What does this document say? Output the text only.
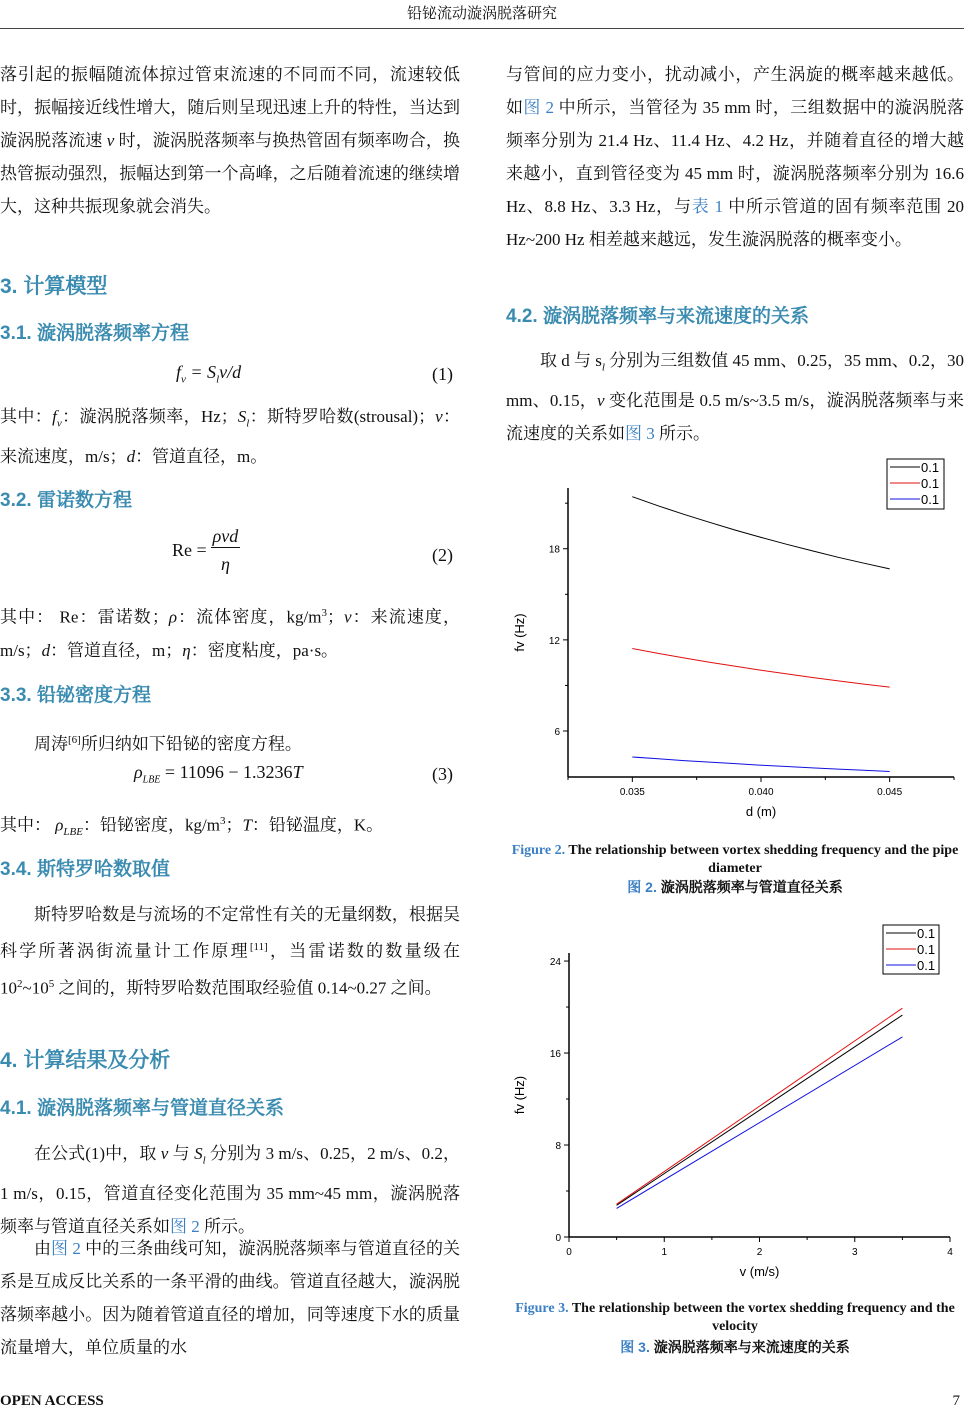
铅铋流动漩涡脱落研究

落引起的振幅随流体掠过管束流速的不同而不同，流速较低时，振幅接近线性增大，随后则呈现迅速上升的特性，当达到漩涡脱落流速 v 时，漩涡脱落频率与换热管固有频率吻合，换热管振动强烈，振幅达到第一个高峰，之后随着流速的继续增大，这种共振现象就会消失。

3. 计算模型
3.1. 漩涡脱落频率方程
$f_v = S_lv/d$	(1)

其中：$f_v$：漩涡脱落频率，Hz；$S_l$：斯特罗哈数(strousal)；v：来流速度，m/s；d：管道直径，m。

3.2. 雷诺数方程
Re =
ρvd
η	(2)

其中： Re：雷诺数；ρ：流体密度，$kg/m^3$；v：来流速度，m/s；d：管道直径，m；η：密度粘度，pa·s。

3.3. 铅铋密度方程

周涛[6]所归纳如下铅铋的密度方程。

$\rho_{LBE} = 11096 - 1.3236T$	(3)

其中： $\rho_{LBE}$：铅铋密度，$kg/m^3$；T：铅铋温度，K。

3.4. 斯特罗哈数取值

斯特罗哈数是与流场的不定常性有关的无量纲数，根据吴科学所著涡街流量计工作原理[11]，当雷诺数的数量级在 $10^2\sim 10^5$ 之间的，斯特罗哈数范围取经验值 0.14~0.27 之间。

4. 计算结果及分析
4.1. 漩涡脱落频率与管道直径关系

在公式(1)中，取 v 与 $S_l$ 分别为 3 m/s、0.25，2 m/s、0.2，1 m/s，0.15，管道直径变化范围为 35 mm~45 mm，漩涡脱落频率与管道直径关系如图 2 所示。

由图 2 中的三条曲线可知，漩涡脱落频率与管道直径的关系是互成反比关系的一条平滑的曲线。管道直径越大，漩涡脱落频率越小。因为随着管道直径的增加，同等速度下水的质量流量增大，单位质量的水

与管间的应力变小，扰动减小，产生涡旋的概率越来越低。如图 2 中所示，当管径为 35 mm 时，三组数据中的漩涡脱落频率分别为 21.4 Hz、11.4 Hz、4.2 Hz，并随着直径的增大越来越小，直到管径变为 45 mm 时，漩涡脱落频率分别为 16.6 Hz、8.8 Hz、3.3 Hz，与表 1 中所示管道的固有频率范围 20 Hz~200 Hz 相差越来越远，发生漩涡脱落的概率变小。

4.2. 漩涡脱落频率与来流速度的关系

取 d 与 $s_l$ 分别为三组数值 45 mm、0.25，35 mm、0.2，30 mm、0.15，v 变化范围是 0.5 m/s~3.5 m/s，漩涡脱落频率与来流速度的关系如图 3 所示。

0.035	0.040	0.045
6
12
18
d (m)
fv (Hz)
0.1
0.1
0.1
Figure 2. The relationship between vortex shedding frequency and the pipe diameter
图 2. 漩涡脱落频率与管道直径关系
0	1	2	3	4
0
8
16
24
v (m/s)
fv (Hz)
0.1
0.1
0.1
Figure 3. The relationship between the vortex shedding frequency and the velocity
图 3. 漩涡脱落频率与来流速度的关系
OPEN ACCESS	7
